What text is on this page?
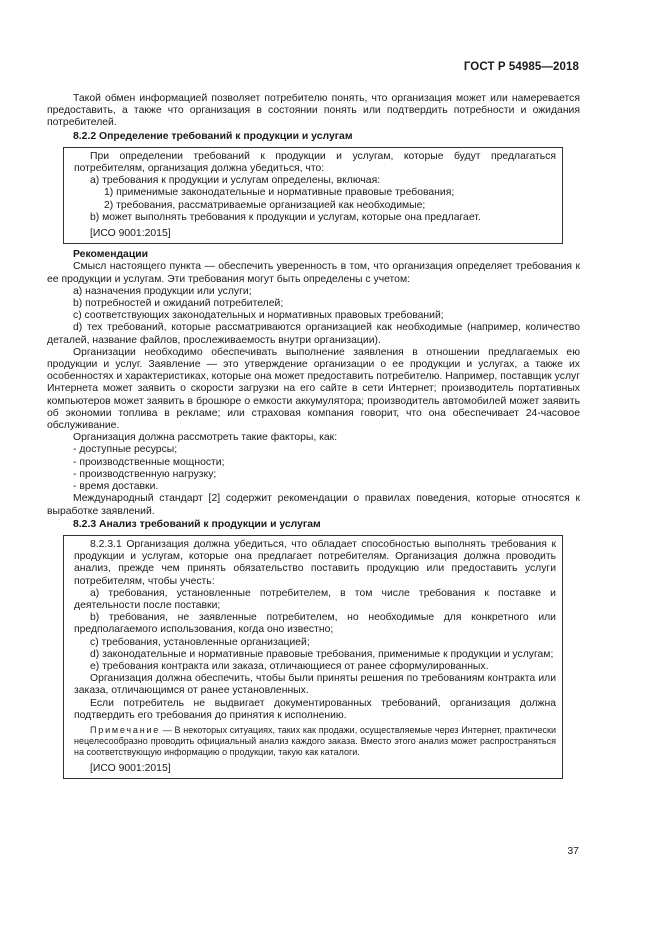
ГОСТ Р 54985—2018

Такой обмен информацией позволяет потребителю понять, что организация может или намеревается предоставить, а также что организация в состоянии понять или подтвердить потребности и ожидания потребителей.

8.2.2 Определение требований к продукции и услугам

При определении требований к продукции и услугам, которые будут предлагаться потребителям, организация должна убедиться, что:

а) требования к продукции и услугам определены, включая:

1) применимые законодательные и нормативные правовые требования;

2) требования, рассматриваемые организацией как необходимые;

b) может выполнять требования к продукции и услугам, которые она предлагает.

[ИСО 9001:2015]

Рекомендации

Смысл настоящего пункта — обеспечить уверенность в том, что организация определяет требования к ее продукции и услугам. Эти требования могут быть определены с учетом:

а) назначения продукции или услуги;

b) потребностей и ожиданий потребителей;

c) соответствующих законодательных и нормативных правовых требований;

d) тех требований, которые рассматриваются организацией как необходимые (например, количество деталей, название файлов, прослеживаемость внутри организации).

Организации необходимо обеспечивать выполнение заявления в отношении предлагаемых ею продукции и услуг. Заявление — это утверждение организации о ее продукции и услугах, а также их особенностях и характеристиках, которые она может предоставить потребителю. Например, поставщик услуг Интернета может заявить о скорости загрузки на его сайте в сети Интернет; производитель портативных компьютеров может заявить в брошюре о емкости аккумулятора; производитель автомобилей может заявить об экономии топлива в рекламе; или страховая компания говорит, что она обеспечивает 24-часовое обслуживание.

Организация должна рассмотреть такие факторы, как:

- доступные ресурсы;

- производственные мощности;

- производственную нагрузку;

- время доставки.

Международный стандарт [2] содержит рекомендации о правилах поведения, которые относятся к выработке заявлений.

8.2.3 Анализ требований к продукции и услугам

8.2.3.1 Организация должна убедиться, что обладает способностью выполнять требования к продукции и услугам, которые она предлагает потребителям. Организация должна проводить анализ, прежде чем принять обязательство поставить продукцию или предоставить услуги потребителям, чтобы учесть:

а) требования, установленные потребителем, в том числе требования к поставке и деятельности после поставки;

b) требования, не заявленные потребителем, но необходимые для конкретного или предполагаемого использования, когда оно известно;

c) требования, установленные организацией;

d) законодательные и нормативные правовые требования, применимые к продукции и услугам;

e) требования контракта или заказа, отличающиеся от ранее сформулированных.

Организация должна обеспечить, чтобы были приняты решения по требованиям контракта или заказа, отличающимся от ранее установленных.

Если потребитель не выдвигает документированных требований, организация должна подтвердить его требования до принятия к исполнению.

Примечание — В некоторых ситуациях, таких как продажи, осуществляемые через Интернет, практически нецелесообразно проводить официальный анализ каждого заказа. Вместо этого анализ может распространяться на соответствующую информацию о продукции, такую как каталоги.

[ИСО 9001:2015]

37
